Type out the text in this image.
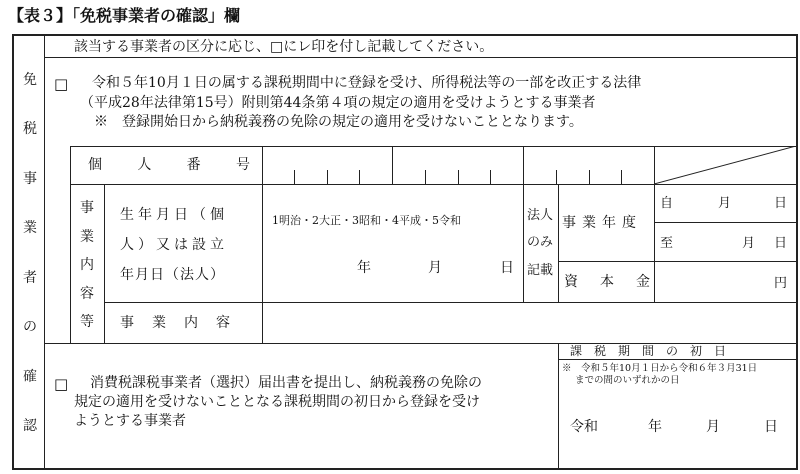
【表３】「免税事業者の確認」欄
免
税
事
業
者
の
確
認
該当する事業者の区分に応じ、□にレ印を付し記載してください。
□ 令和５年10月１日の属する課税期間中に登録を受け、所得税法等の一部を改正する法律
（平成28年法律第15号）附則第44条第４項の規定の適用を受けようとする事業者
※　登録開始日から納税義務の免除の規定の適用を受けないこととなります。
個	人	番	号
事
業
内
容
等
生年月日（個
人）又は設立
年月日（法人）
1明治・2大正・3昭和・4平成・5令和
年	月	日
法人
のみ
記載
事業年度
自	月	日
至	月 日
資本金	円
事業内容
□ 消費税課税事業者（選択）届出書を提出し、納税義務の免除の
規定の適用を受けないこととなる課税期間の初日から登録を受け
ようとする事業者
課　税　期　間　の　初　日
※　令和５年10月１日から令和６年３月31日
までの間のいずれかの日
令和	年	月	日
